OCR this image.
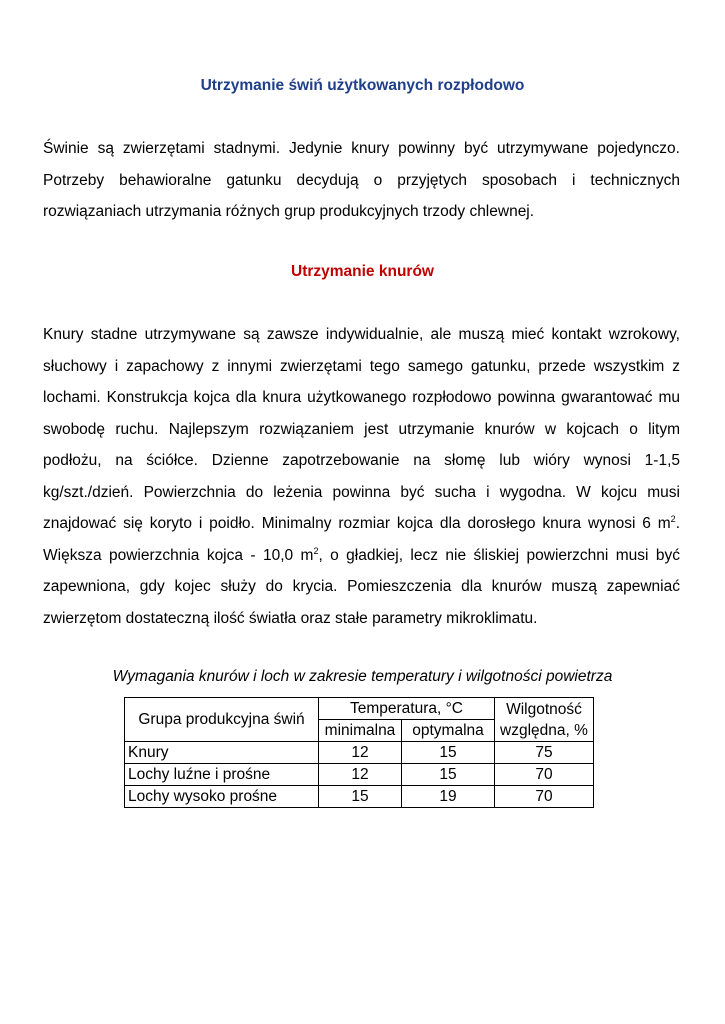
Utrzymanie świń użytkowanych rozpłodowo

Świnie są zwierzętami stadnymi. Jedynie knury powinny być utrzymywane pojedynczo.
Potrzeby behawioralne gatunku decydują o przyjętych sposobach i technicznych
rozwiązaniach utrzymania różnych grup produkcyjnych trzody chlewnej.

Utrzymanie knurów

Knury stadne utrzymywane są zawsze indywidualnie, ale muszą mieć kontakt wzrokowy,
słuchowy i zapachowy z innymi zwierzętami tego samego gatunku, przede wszystkim z
lochami. Konstrukcja kojca dla knura użytkowanego rozpłodowo powinna gwarantować mu
swobodę ruchu. Najlepszym rozwiązaniem jest utrzymanie knurów w kojcach o litym
podłożu, na ściółce. Dzienne zapotrzebowanie na słomę lub wióry wynosi 1-1,5
kg/szt./dzień. Powierzchnia do leżenia powinna być sucha i wygodna. W kojcu musi
znajdować się koryto i poidło. Minimalny rozmiar kojca dla dorosłego knura wynosi 6 $m^2$.
Większa powierzchnia kojca - 10,0 $m^2$, o gładkiej, lecz nie śliskiej powierzchni musi być
zapewniona, gdy kojec służy do krycia. Pomieszczenia dla knurów muszą zapewniać
zwierzętom dostateczną ilość światła oraz stałe parametry mikroklimatu.

Wymagania knurów i loch w zakresie temperatury i wilgotności powietrza
Grupa produkcyjna świń	Temperatura, °C		Wilgotność
względna, %
	minimalna	optymalna	
Knury	12	15	75
Lochy luźne i prośne	12	15	70
Lochy wysoko prośne	15	19	70
